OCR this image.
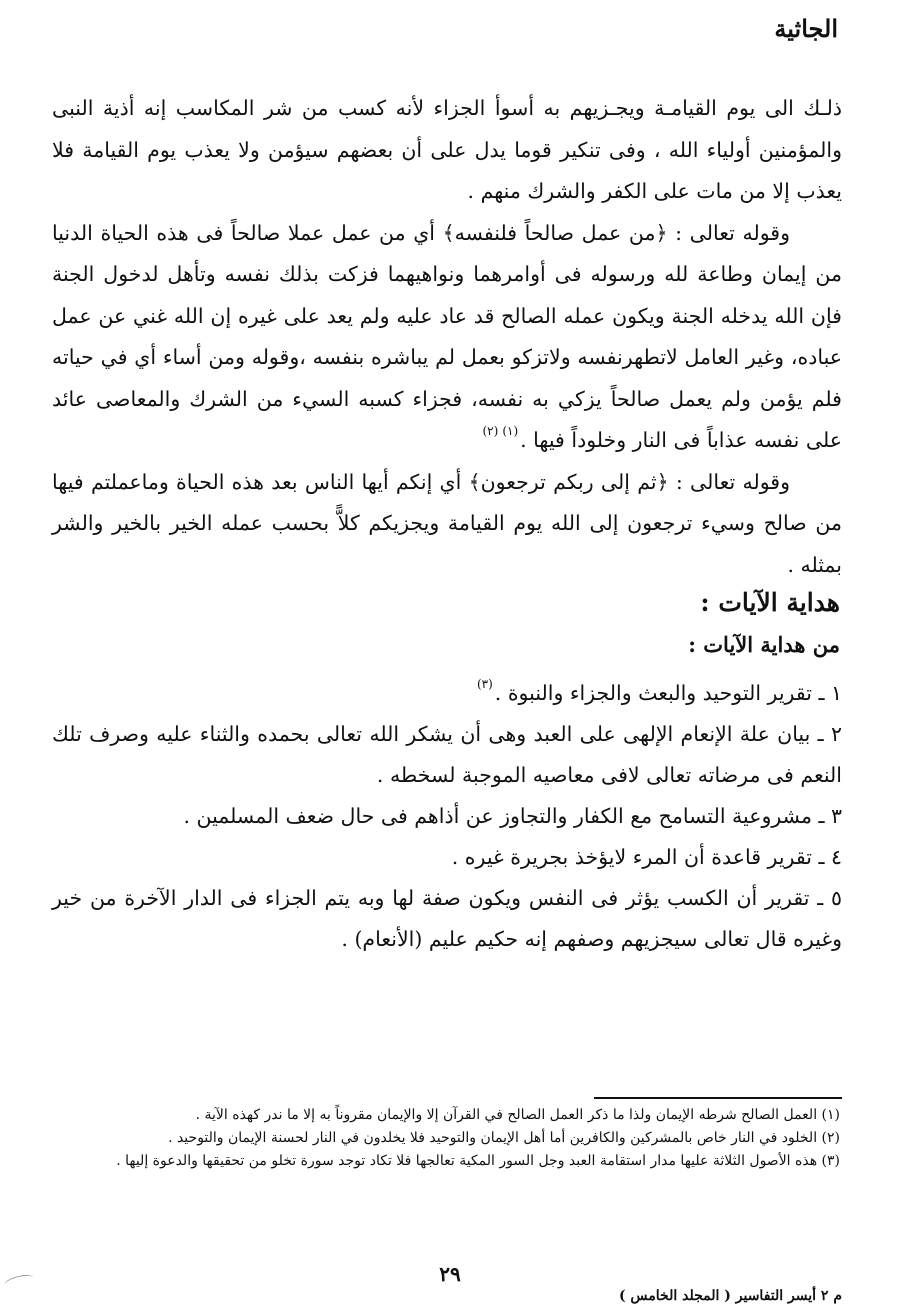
الجاثية

ذلـك الى يوم القيامـة ويجـزيهم به أسوأ الجزاء لأنه كسب من شر المكاسب إنه أذية النبى والمؤمنين أولياء الله ، وفى تنكير قوما يدل على أن بعضهم سيؤمن ولا يعذب يوم القيامة فلا يعذب إلا من مات على الكفر والشرك منهم .

وقوله تعالى : ﴿من عمل صالحاً فلنفسه﴾ أي من عمل عملا صالحاً فى هذه الحياة الدنيا من إيمان وطاعة لله ورسوله فى أوامرهما ونواهيهما فزكت بذلك نفسه وتأهل لدخول الجنة فإن الله يدخله الجنة ويكون عمله الصالح قد عاد عليه ولم يعد على غيره إن الله غني عن عمل عباده، وغير العامل لاتطهرنفسه ولاتزكو بعمل لم يباشره بنفسه ،وقوله ومن أساء أي في حياته فلم يؤمن ولم يعمل صالحاً يزكي به نفسه، فجزاء كسبه السيء من الشرك والمعاصى عائد على نفسه عذاباً فى النار وخلوداً فيها .$^{(١)(٢)}$

وقوله تعالى : ﴿ثم إلى ربكم ترجعون﴾ أي إنكم أيها الناس بعد هذه الحياة وماعملتم فيها من صالح وسيء ترجعون إلى الله يوم القيامة ويجزيكم كلاًّ بحسب عمله الخير بالخير والشر بمثله .

هداية الآيات :
من هداية الآيات :

١ ـ تقرير التوحيد والبعث والجزاء والنبوة .$^{(٣)}$

٢ ـ بيان علة الإنعام الإلهى على العبد وهى أن يشكر الله تعالى بحمده والثناء عليه وصرف تلك النعم فى مرضاته تعالى لافى معاصيه الموجبة لسخطه .

٣ ـ مشروعية التسامح مع الكفار والتجاوز عن أذاهم فى حال ضعف المسلمين .

٤ ـ تقرير قاعدة أن المرء لايؤخذ بجريرة غيره .

٥ ـ تقرير أن الكسب يؤثر فى النفس ويكون صفة لها وبه يتم الجزاء فى الدار الآخرة من خير وغيره قال تعالى سيجزيهم وصفهم إنه حكيم عليم (الأنعام) .

(١) العمل الصالح شرطه الإيمان ولذا ما ذكر العمل الصالح في القرآن إلا والإيمان مقروناً به إلا ما ندر كهذه الآية .

(٢) الخلود في النار خاص بالمشركين والكافرين أما أهل الإيمان والتوحيد فلا يخلدون في النار لحسنة الإيمان والتوحيد .

(٣) هذه الأصول الثلاثة عليها مدار استقامة العبد وجل السور المكية تعالجها فلا تكاد توجد سورة تخلو من تحقيقها والدعوة إليها .

٢٩
م ٢ أيسر التفاسير ( المجلد الخامس )
